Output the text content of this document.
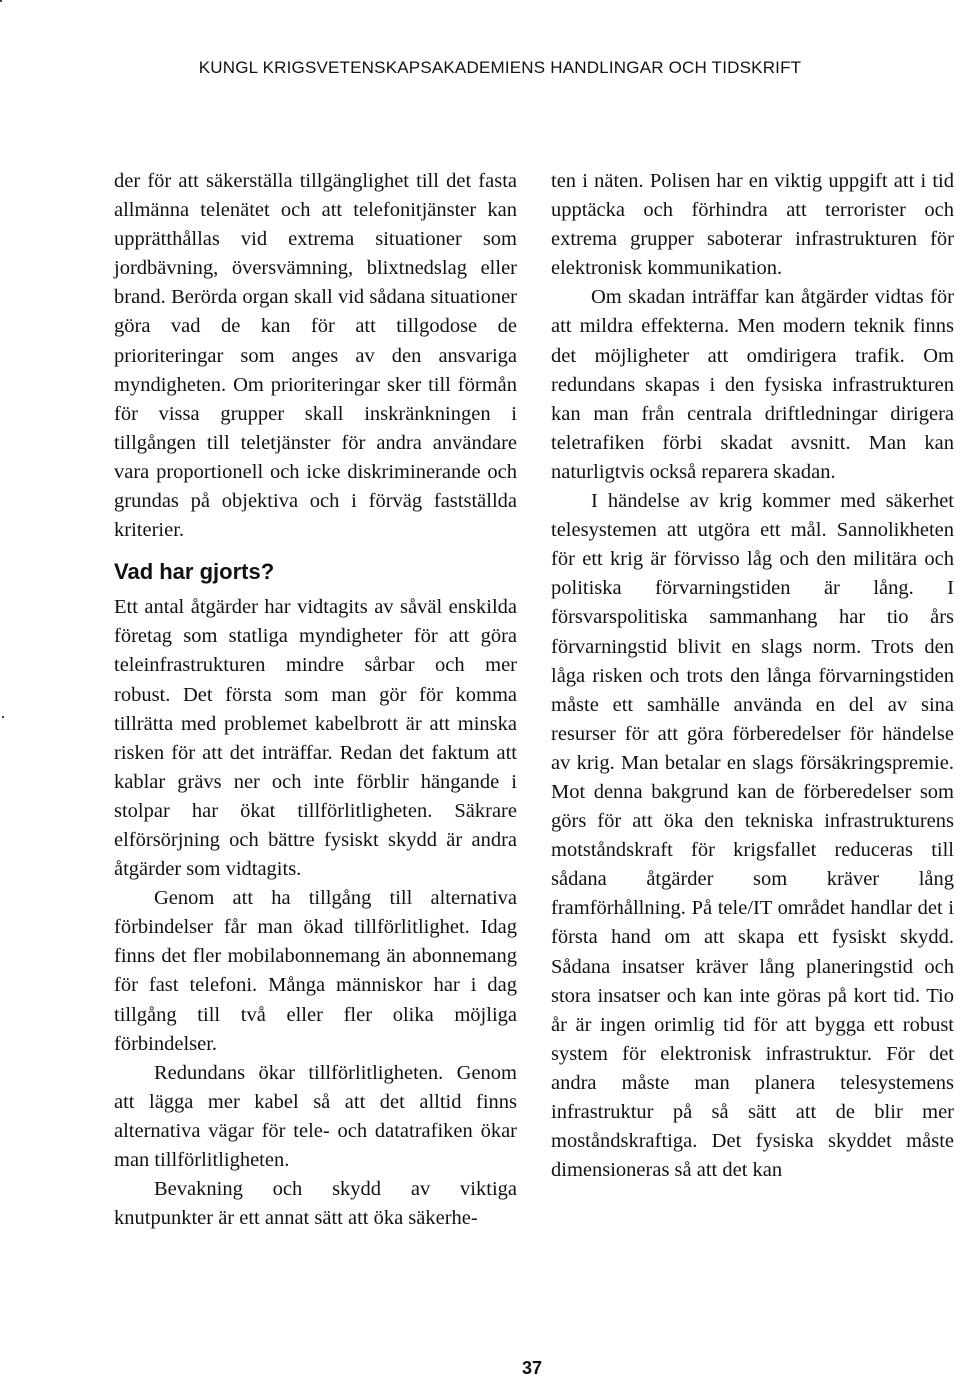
KUNGL KRIGSVETENSKAPSAKADEMIENS HANDLINGAR OCH TIDSKRIFT

der för att säkerställa tillgänglighet till det fasta allmänna telenätet och att telefonitjänster kan upprätthållas vid extrema situationer som jordbävning, översvämning, blixtnedslag eller brand. Berörda organ skall vid sådana situationer göra vad de kan för att tillgodose de prioriteringar som anges av den ansvariga myndigheten. Om prioriteringar sker till förmån för vissa grupper skall inskränkningen i tillgången till teletjänster för andra användare vara proportionell och icke diskriminerande och grundas på objektiva och i förväg fastställda kriterier.

Vad har gjorts?

Ett antal åtgärder har vidtagits av såväl enskilda företag som statliga myndigheter för att göra teleinfrastrukturen mindre sårbar och mer robust. Det första som man gör för komma tillrätta med problemet kabelbrott är att minska risken för att det inträffar. Redan det faktum att kablar grävs ner och inte förblir hängande i stolpar har ökat tillförlitligheten. Säkrare elförsörjning och bättre fysiskt skydd är andra åtgärder som vidtagits.

Genom att ha tillgång till alternativa förbindelser får man ökad tillförlitlighet. Idag finns det fler mobilabonnemang än abonnemang för fast telefoni. Många människor har i dag tillgång till två eller fler olika möjliga förbindelser.

Redundans ökar tillförlitligheten. Genom att lägga mer kabel så att det alltid finns alternativa vägar för tele- och datatrafiken ökar man tillförlitligheten.

Bevakning och skydd av viktiga knutpunkter är ett annat sätt att öka säkerhe-

ten i näten. Polisen har en viktig uppgift att i tid upptäcka och förhindra att terrorister och extrema grupper saboterar infrastrukturen för elektronisk kommunikation.

Om skadan inträffar kan åtgärder vidtas för att mildra effekterna. Men modern teknik finns det möjligheter att omdirigera trafik. Om redundans skapas i den fysiska infrastrukturen kan man från centrala driftledningar dirigera teletrafiken förbi skadat avsnitt. Man kan naturligtvis också reparera skadan.

I händelse av krig kommer med säkerhet telesystemen att utgöra ett mål. Sannolikheten för ett krig är förvisso låg och den militära och politiska förvarningstiden är lång. I försvarspolitiska sammanhang har tio års förvarningstid blivit en slags norm. Trots den låga risken och trots den långa förvarningstiden måste ett samhälle använda en del av sina resurser för att göra förberedelser för händelse av krig. Man betalar en slags försäkringspremie. Mot denna bakgrund kan de förberedelser som görs för att öka den tekniska infrastrukturens motståndskraft för krigsfallet reduceras till sådana åtgärder som kräver lång framförhållning. På tele/IT området handlar det i första hand om att skapa ett fysiskt skydd. Sådana insatser kräver lång planeringstid och stora insatser och kan inte göras på kort tid. Tio år är ingen orimlig tid för att bygga ett robust system för elektronisk infrastruktur. För det andra måste man planera telesystemens infrastruktur på så sätt att de blir mer moståndskraftiga. Det fysiska skyddet måste dimensioneras så att det kan

37
